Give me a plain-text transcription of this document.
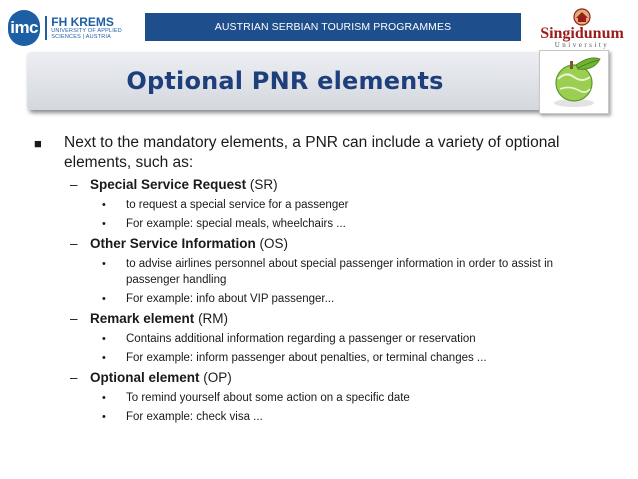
imc FH KREMS
UNIVERSITY OF APPLIED SCIENCES | AUSTRIA
AUSTRIAN SERBIAN TOURISM PROGRAMMES	Singidunum
University
Optional PNR elements
■ Next to the mandatory elements, a PNR can include a variety of optional elements, such as:
– Special Service Request (SR)
• to request a special service for a passenger
• For example: special meals, wheelchairs ...
– Other Service Information (OS)
• to advise airlines personnel about special passenger information in order to assist in passenger handling
• For example: info about VIP passenger...
– Remark element (RM)
• Contains additional information regarding a passenger or reservation
• For example: inform passenger about penalties, or terminal changes ...
– Optional element (OP)
• To remind yourself about some action on a specific date
• For example: check visa ...
